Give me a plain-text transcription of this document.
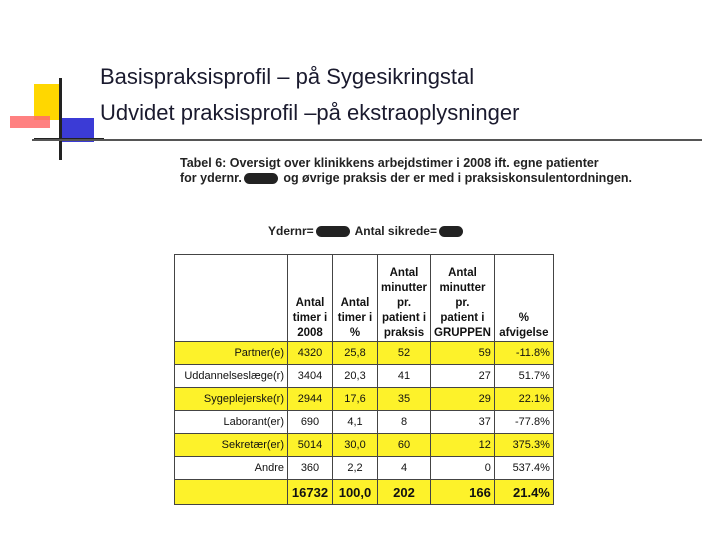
Basispraksisprofil – på Sygesikringstal
Udvidet praksisprofil –på ekstraoplysninger
Tabel 6: Oversigt over klinikkens arbejdstimer i 2008 ift. egne patienter
for ydernr.	og øvrige praksis der er med i praksiskonsulentordningen.
Ydernr=	Antal sikrede=
	Antal
timer i
2008	Antal
timer i
%	Antal
minutter
pr.
patient i
praksis	Antal
minutter
pr.
patient i
GRUPPEN	%
afvigelse
Partner(e)	4320	25,8	52	59	-11.8%
Uddannelseslæge(r)	3404	20,3	41	27	51.7%
Sygeplejerske(r)	2944	17,6	35	29	22.1%
Laborant(er)	690	4,1	8	37	-77.8%
Sekretær(er)	5014	30,0	60	12	375.3%
Andre	360	2,2	4	0	537.4%
	16732	100,0	202	166	21.4%
